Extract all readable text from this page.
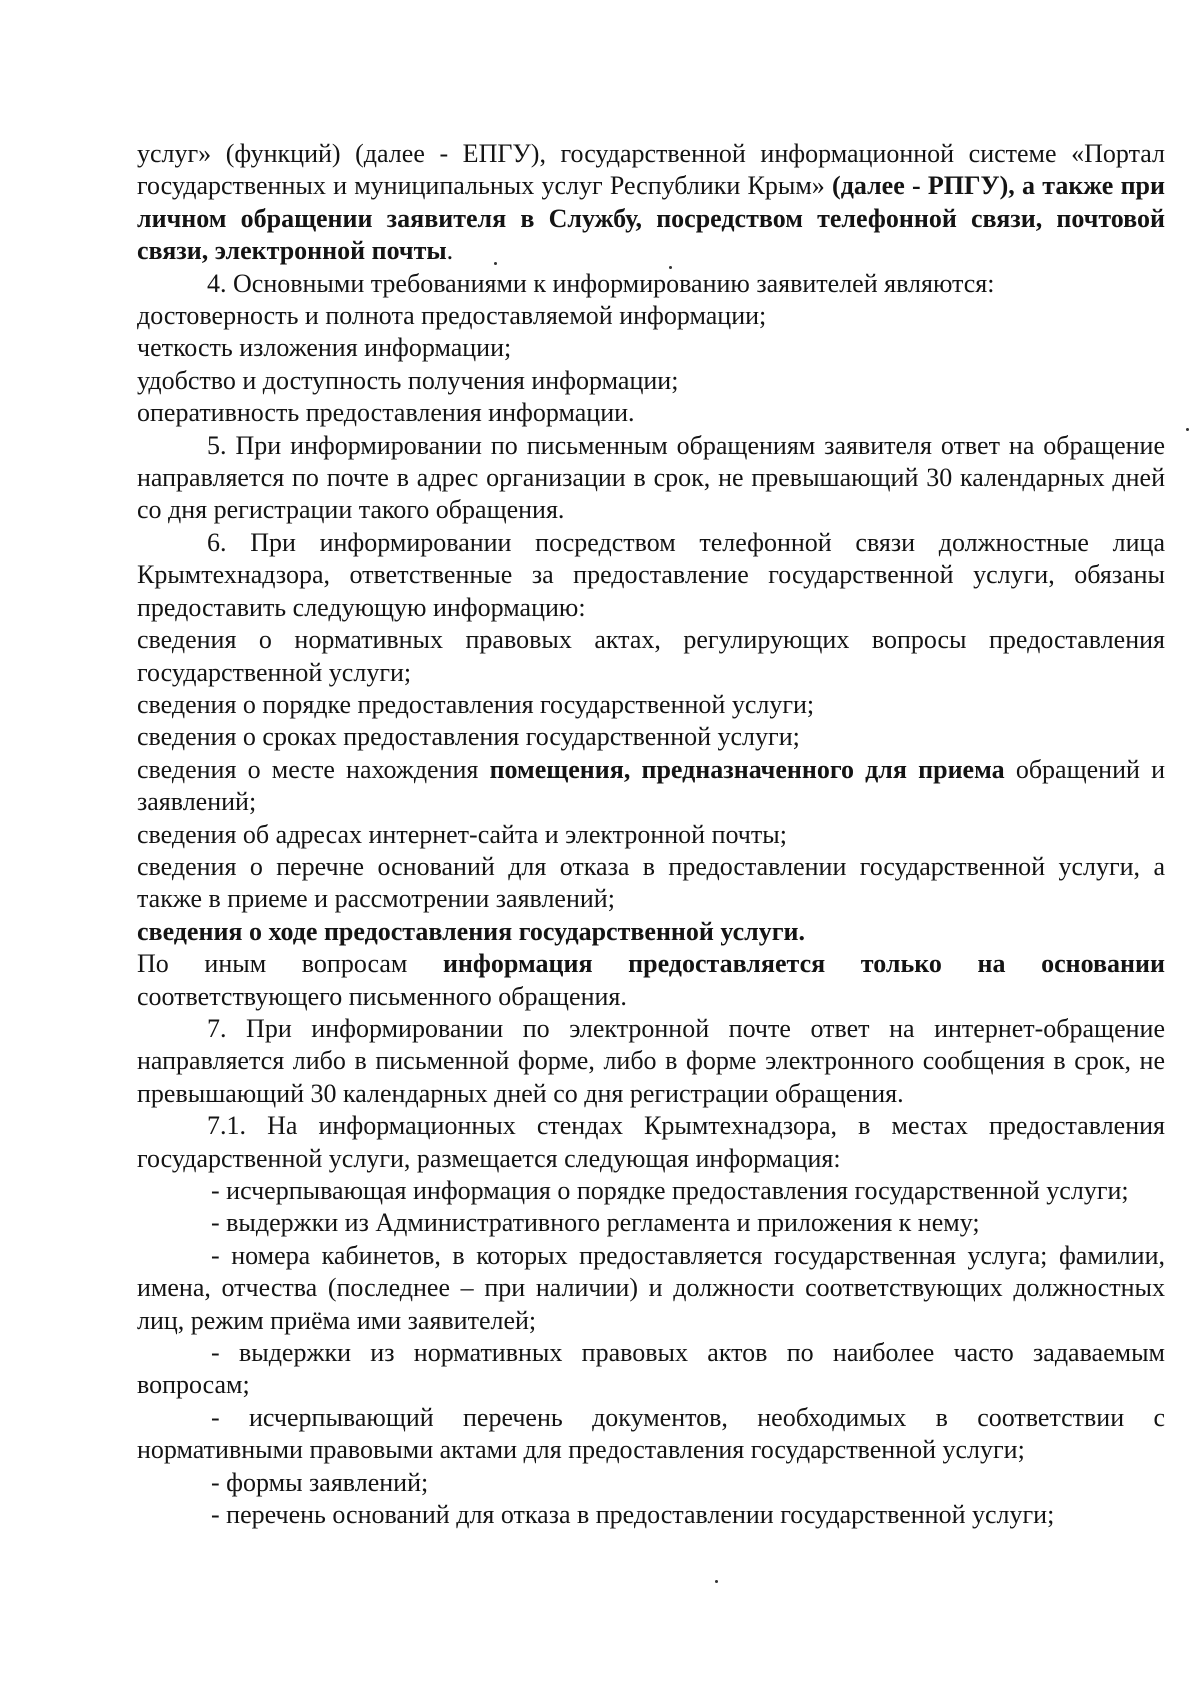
услуг» (функций) (далее - ЕПГУ), государственной информационной системе «Портал государственных и муниципальных услуг Республики Крым» (далее - РПГУ), а также при личном обращении заявителя в Службу, посредством телефонной связи, почтовой связи, электронной почты.

4. Основными требованиями к информированию заявителей являются:

достоверность и полнота предоставляемой информации;

четкость изложения информации;

удобство и доступность получения информации;

оперативность предоставления информации.

5. При информировании по письменным обращениям заявителя ответ на обращение направляется по почте в адрес организации в срок, не превышающий 30 календарных дней со дня регистрации такого обращения.

6. При информировании посредством телефонной связи должностные лица Крымтехнадзора, ответственные за предоставление государственной услуги, обязаны предоставить следующую информацию:

сведения о нормативных правовых актах, регулирующих вопросы предоставления государственной услуги;

сведения о порядке предоставления государственной услуги;

сведения о сроках предоставления государственной услуги;

сведения о месте нахождения помещения, предназначенного для приема обращений и заявлений;

сведения об адресах интернет-сайта и электронной почты;

сведения о перечне оснований для отказа в предоставлении государственной услуги, а также в приеме и рассмотрении заявлений;

сведения о ходе предоставления государственной услуги.

По иным вопросам информация предоставляется только на основании соответствующего письменного обращения.

7. При информировании по электронной почте ответ на интернет-обращение направляется либо в письменной форме, либо в форме электронного сообщения в срок, не превышающий 30 календарных дней со дня регистрации обращения.

7.1. На информационных стендах Крымтехнадзора, в местах предоставления государственной услуги, размещается следующая информация:

- исчерпывающая информация о порядке предоставления государственной услуги;

- выдержки из Административного регламента и приложения к нему;

- номера кабинетов, в которых предоставляется государственная услуга; фамилии, имена, отчества (последнее – при наличии) и должности соответствующих должностных лиц, режим приёма ими заявителей;

- выдержки из нормативных правовых актов по наиболее часто задаваемым вопросам;

- исчерпывающий перечень документов, необходимых в соответствии с нормативными правовыми актами для предоставления государственной услуги;

- формы заявлений;

- перечень оснований для отказа в предоставлении государственной услуги;
